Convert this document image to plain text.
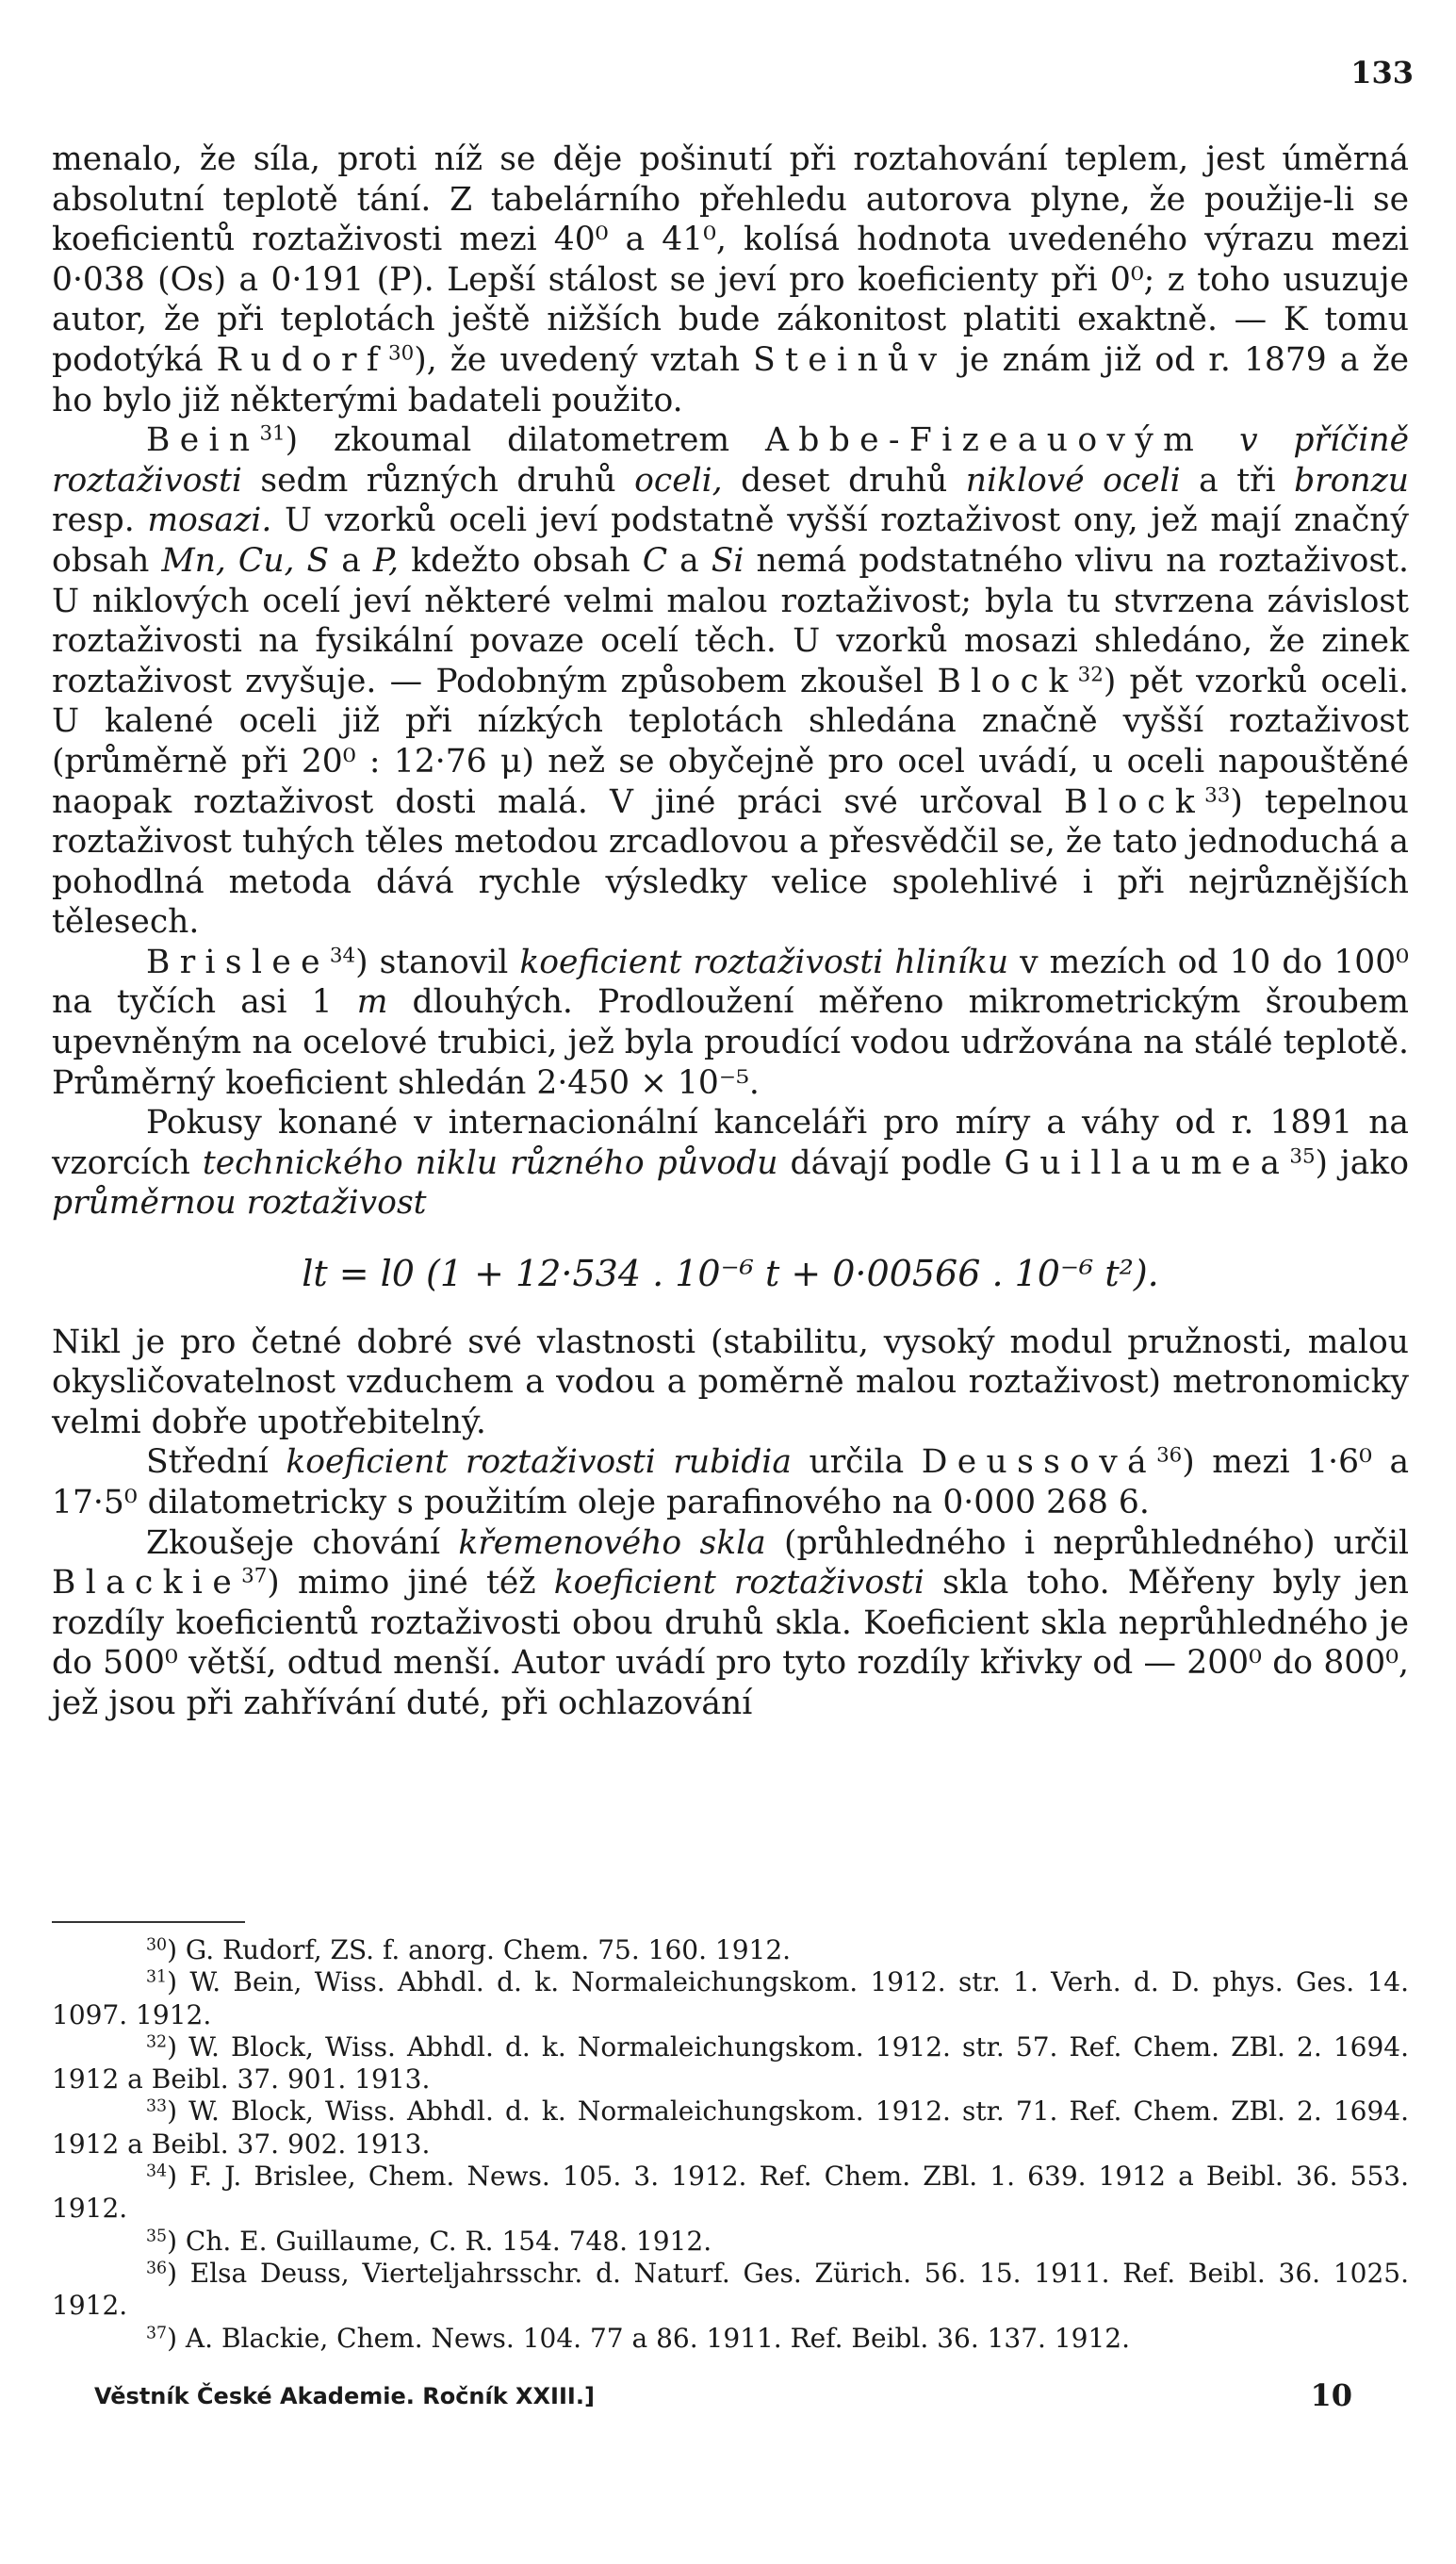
133

menalo, že síla, proti níž se děje pošinutí při roztahování teplem, jest úměrná absolutní teplotě tání. Z tabelárního přehledu autorova plyne, že použije-li se koeficientů roztaživosti mezi 40⁰ a 41⁰, kolísá hodnota uvedeného výrazu mezi 0·038 (Os) a 0·191 (P). Lepší stálost se jeví pro koeficienty při 0⁰; z toho usuzuje autor, že při teplotách ještě nižších bude zákonitost platiti exaktně. — K tomu podotýká Rudorf$^{30}$), že uvedený vztah Steinův je znám již od r. 1879 a že ho bylo již některými badateli použito.

Bein$^{31}$) zkoumal dilatometrem Abbe-Fizeauovým v příčině roztaživosti sedm různých druhů oceli, deset druhů niklové oceli a tři bronzu resp. mosazi. U vzorků oceli jeví podstatně vyšší roztaživost ony, jež mají značný obsah Mn, Cu, S a P, kdežto obsah C a Si nemá podstatného vlivu na roztaživost. U niklových ocelí jeví některé velmi malou roztaživost; byla tu stvrzena závislost roztaživosti na fysikální povaze ocelí těch. U vzorků mosazi shledáno, že zinek roztaživost zvyšuje. — Podobným způsobem zkoušel Block$^{32}$) pět vzorků oceli. U kalené oceli již při nízkých teplotách shledána značně vyšší roztaživost (průměrně při 20⁰ : 12·76 μ) než se obyčejně pro ocel uvádí, u oceli napouštěné naopak roztaživost dosti malá. V jiné práci své určoval Block$^{33}$) tepelnou roztaživost tuhých těles metodou zrcadlovou a přesvědčil se, že tato jednoduchá a pohodlná metoda dává rychle výsledky velice spolehlivé i při nejrůznějších tělesech.

Brislee$^{34}$) stanovil koeficient roztaživosti hliníku v mezích od 10 do 100⁰ na tyčích asi 1 m dlouhých. Prodloužení měřeno mikrometrickým šroubem upevněným na ocelové trubici, jež byla proudící vodou udržována na stálé teplotě. Průměrný koeficient shledán 2·450 × 10⁻⁵.

Pokusy konané v internacionální kanceláři pro míry a váhy od r. 1891 na vzorcích technického niklu různého původu dávají podle Guillaumea$^{35}$) jako průměrnou roztaživost

lt = l0 (1 + 12·534 . 10⁻⁶ t + 0·00566 . 10⁻⁶ t²).

Nikl je pro četné dobré své vlastnosti (stabilitu, vysoký modul pružnosti, malou okysličovatelnost vzduchem a vodou a poměrně malou roztaživost) metronomicky velmi dobře upotřebitelný.

Střední koeficient roztaživosti rubidia určila Deussová$^{36}$) mezi 1·6⁰ a 17·5⁰ dilatometricky s použitím oleje parafinového na 0·000 268 6.

Zkoušeje chování křemenového skla (průhledného i neprůhledného) určil Blackie$^{37}$) mimo jiné též koeficient roztaživosti skla toho. Měřeny byly jen rozdíly koeficientů roztaživosti obou druhů skla. Koeficient skla neprůhledného je do 500⁰ větší, odtud menší. Autor uvádí pro tyto rozdíly křivky od — 200⁰ do 800⁰, jež jsou při zahřívání duté, při ochlazování

$^{30}$) G. Rudorf, ZS. f. anorg. Chem. 75. 160. 1912.

$^{31}$) W. Bein, Wiss. Abhdl. d. k. Normaleichungskom. 1912. str. 1. Verh. d. D. phys. Ges. 14. 1097. 1912.

$^{32}$) W. Block, Wiss. Abhdl. d. k. Normaleichungskom. 1912. str. 57. Ref. Chem. ZBl. 2. 1694. 1912 a Beibl. 37. 901. 1913.

$^{33}$) W. Block, Wiss. Abhdl. d. k. Normaleichungskom. 1912. str. 71. Ref. Chem. ZBl. 2. 1694. 1912 a Beibl. 37. 902. 1913.

$^{34}$) F. J. Brislee, Chem. News. 105. 3. 1912. Ref. Chem. ZBl. 1. 639. 1912 a Beibl. 36. 553. 1912.

$^{35}$) Ch. E. Guillaume, C. R. 154. 748. 1912.

$^{36}$) Elsa Deuss, Vierteljahrsschr. d. Naturf. Ges. Zürich. 56. 15. 1911. Ref. Beibl. 36. 1025. 1912.

$^{37}$) A. Blackie, Chem. News. 104. 77 a 86. 1911. Ref. Beibl. 36. 137. 1912.

Věstník České Akademie. Ročník XXIII.]	10
